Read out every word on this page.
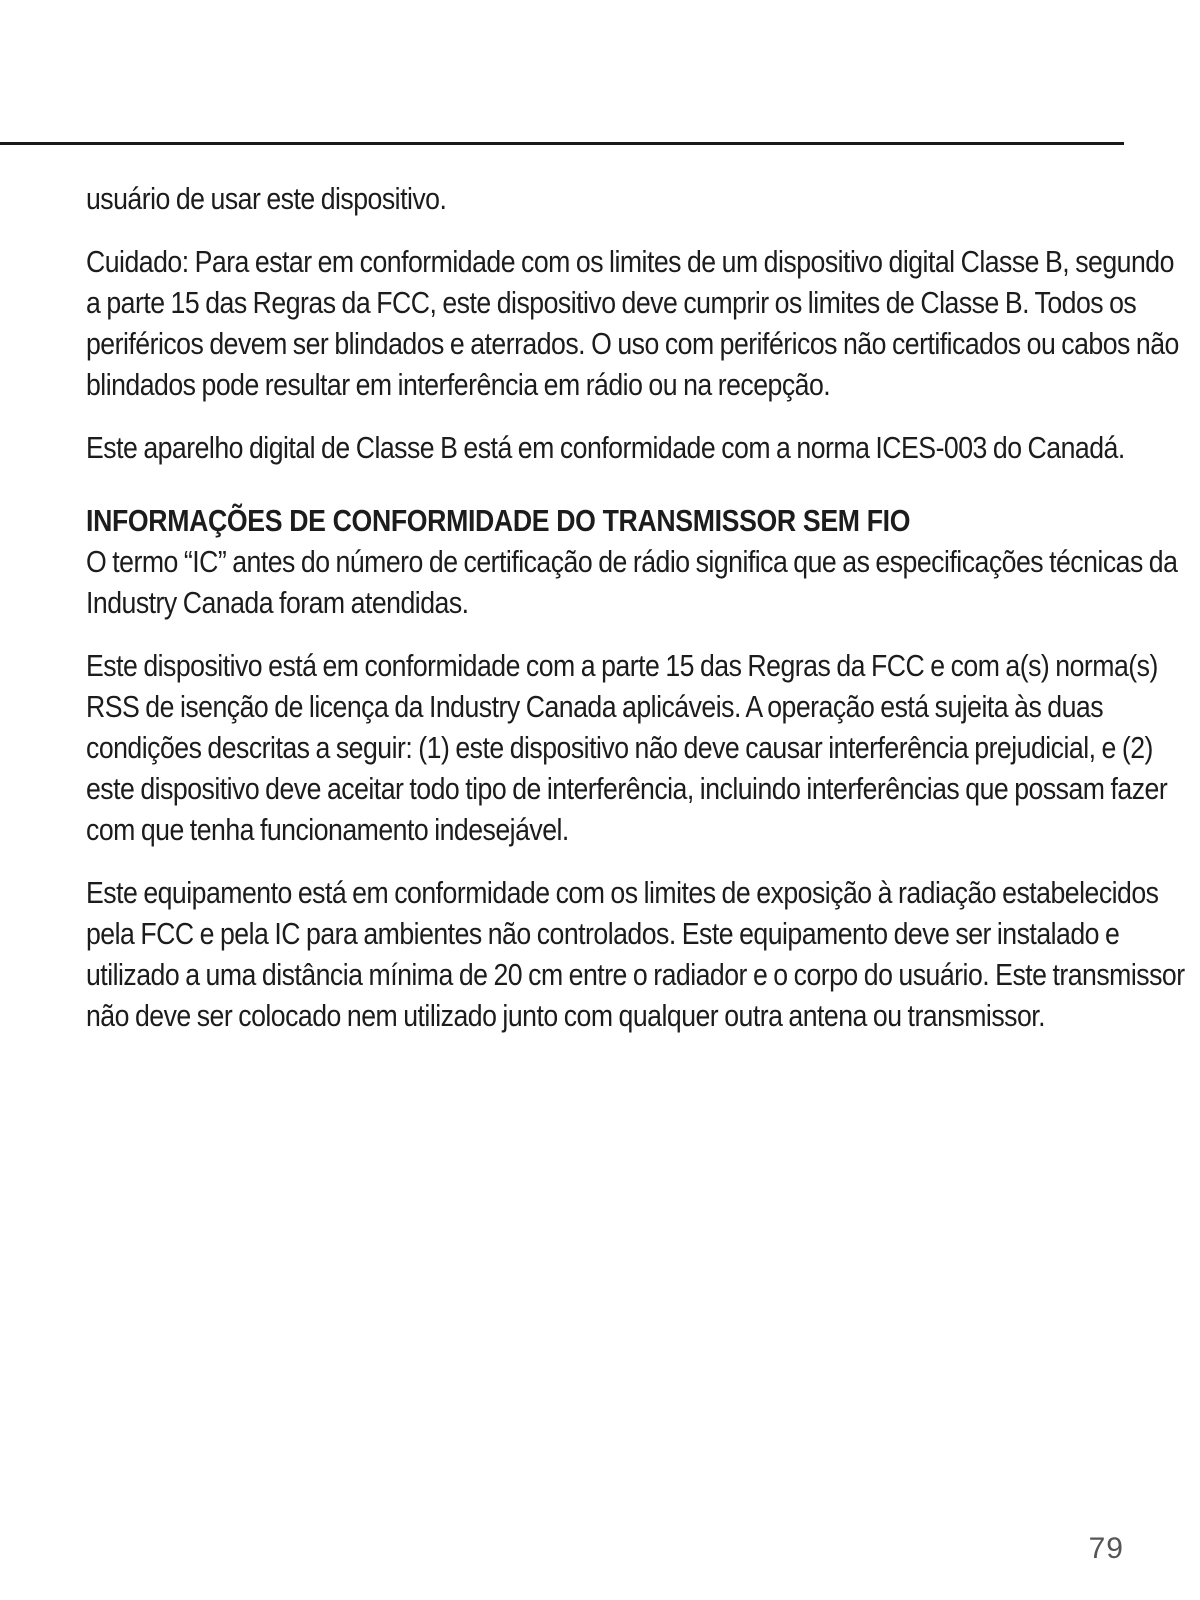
usuário de usar este dispositivo.

Cuidado: Para estar em conformidade com os limites de um dispositivo digital Classe B, segundo a parte 15 das Regras da FCC, este dispositivo deve cumprir os limites de Classe B. Todos os periféricos devem ser blindados e aterrados. O uso com periféricos não certificados ou cabos não blindados pode resultar em interferência em rádio ou na recepção.

Este aparelho digital de Classe B está em conformidade com a norma ICES-003 do Canadá.

INFORMAÇÕES DE CONFORMIDADE DO TRANSMISSOR SEM FIO

O termo “IC” antes do número de certificação de rádio significa que as especificações técnicas da Industry Canada foram atendidas.

Este dispositivo está em conformidade com a parte 15 das Regras da FCC e com a(s) norma(s) RSS de isenção de licença da Industry Canada aplicáveis. A operação está sujeita às duas condições descritas a seguir: (1) este dispositivo não deve causar interferência prejudicial, e (2) este dispositivo deve aceitar todo tipo de interferência, incluindo interferências que possam fazer com que tenha funcionamento indesejável.

Este equipamento está em conformidade com os limites de exposição à radiação estabelecidos pela FCC e pela IC para ambientes não controlados. Este equipamento deve ser instalado e utilizado a uma distância mínima de 20 cm entre o radiador e o corpo do usuário. Este transmissor não deve ser colocado nem utilizado junto com qualquer outra antena ou transmissor.

79
